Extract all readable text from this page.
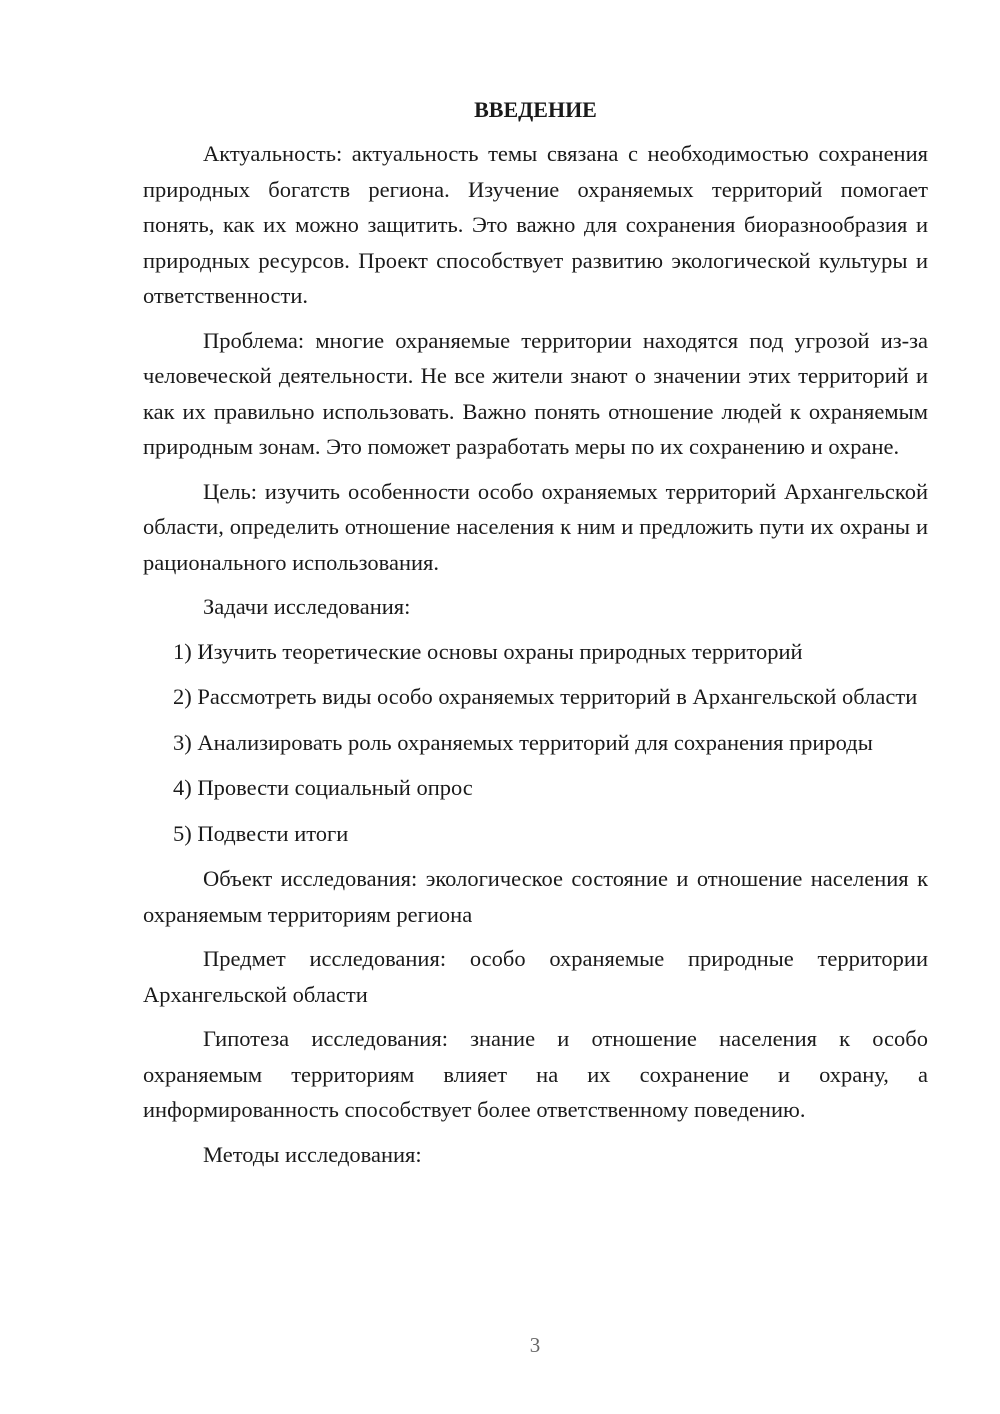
ВВЕДЕНИЕ

Актуальность: актуальность темы связана с необходимостью сохранения природных богатств региона. Изучение охраняемых территорий помогает понять, как их можно защитить. Это важно для сохранения биоразнообразия и природных ресурсов. Проект способствует развитию экологической культуры и ответственности.

Проблема: многие охраняемые территории находятся под угрозой из-за человеческой деятельности. Не все жители знают о значении этих территорий и как их правильно использовать. Важно понять отношение людей к охраняемым природным зонам. Это поможет разработать меры по их сохранению и охране.

Цель: изучить особенности особо охраняемых территорий Архангельской области, определить отношение населения к ним и предложить пути их охраны и рационального использования.

Задачи исследования:

1) Изучить теоретические основы охраны природных территорий

2) Рассмотреть виды особо охраняемых территорий в Архангельской области

3) Анализировать роль охраняемых территорий для сохранения природы

4) Провести социальный опрос

5) Подвести итоги

Объект исследования: экологическое состояние и отношение населения к охраняемым территориям региона

Предмет исследования: особо охраняемые природные территории Архангельской области

Гипотеза исследования: знание и отношение населения к особо охраняемым территориям влияет на их сохранение и охрану, а информированность способствует более ответственному поведению.

Методы исследования:

3
